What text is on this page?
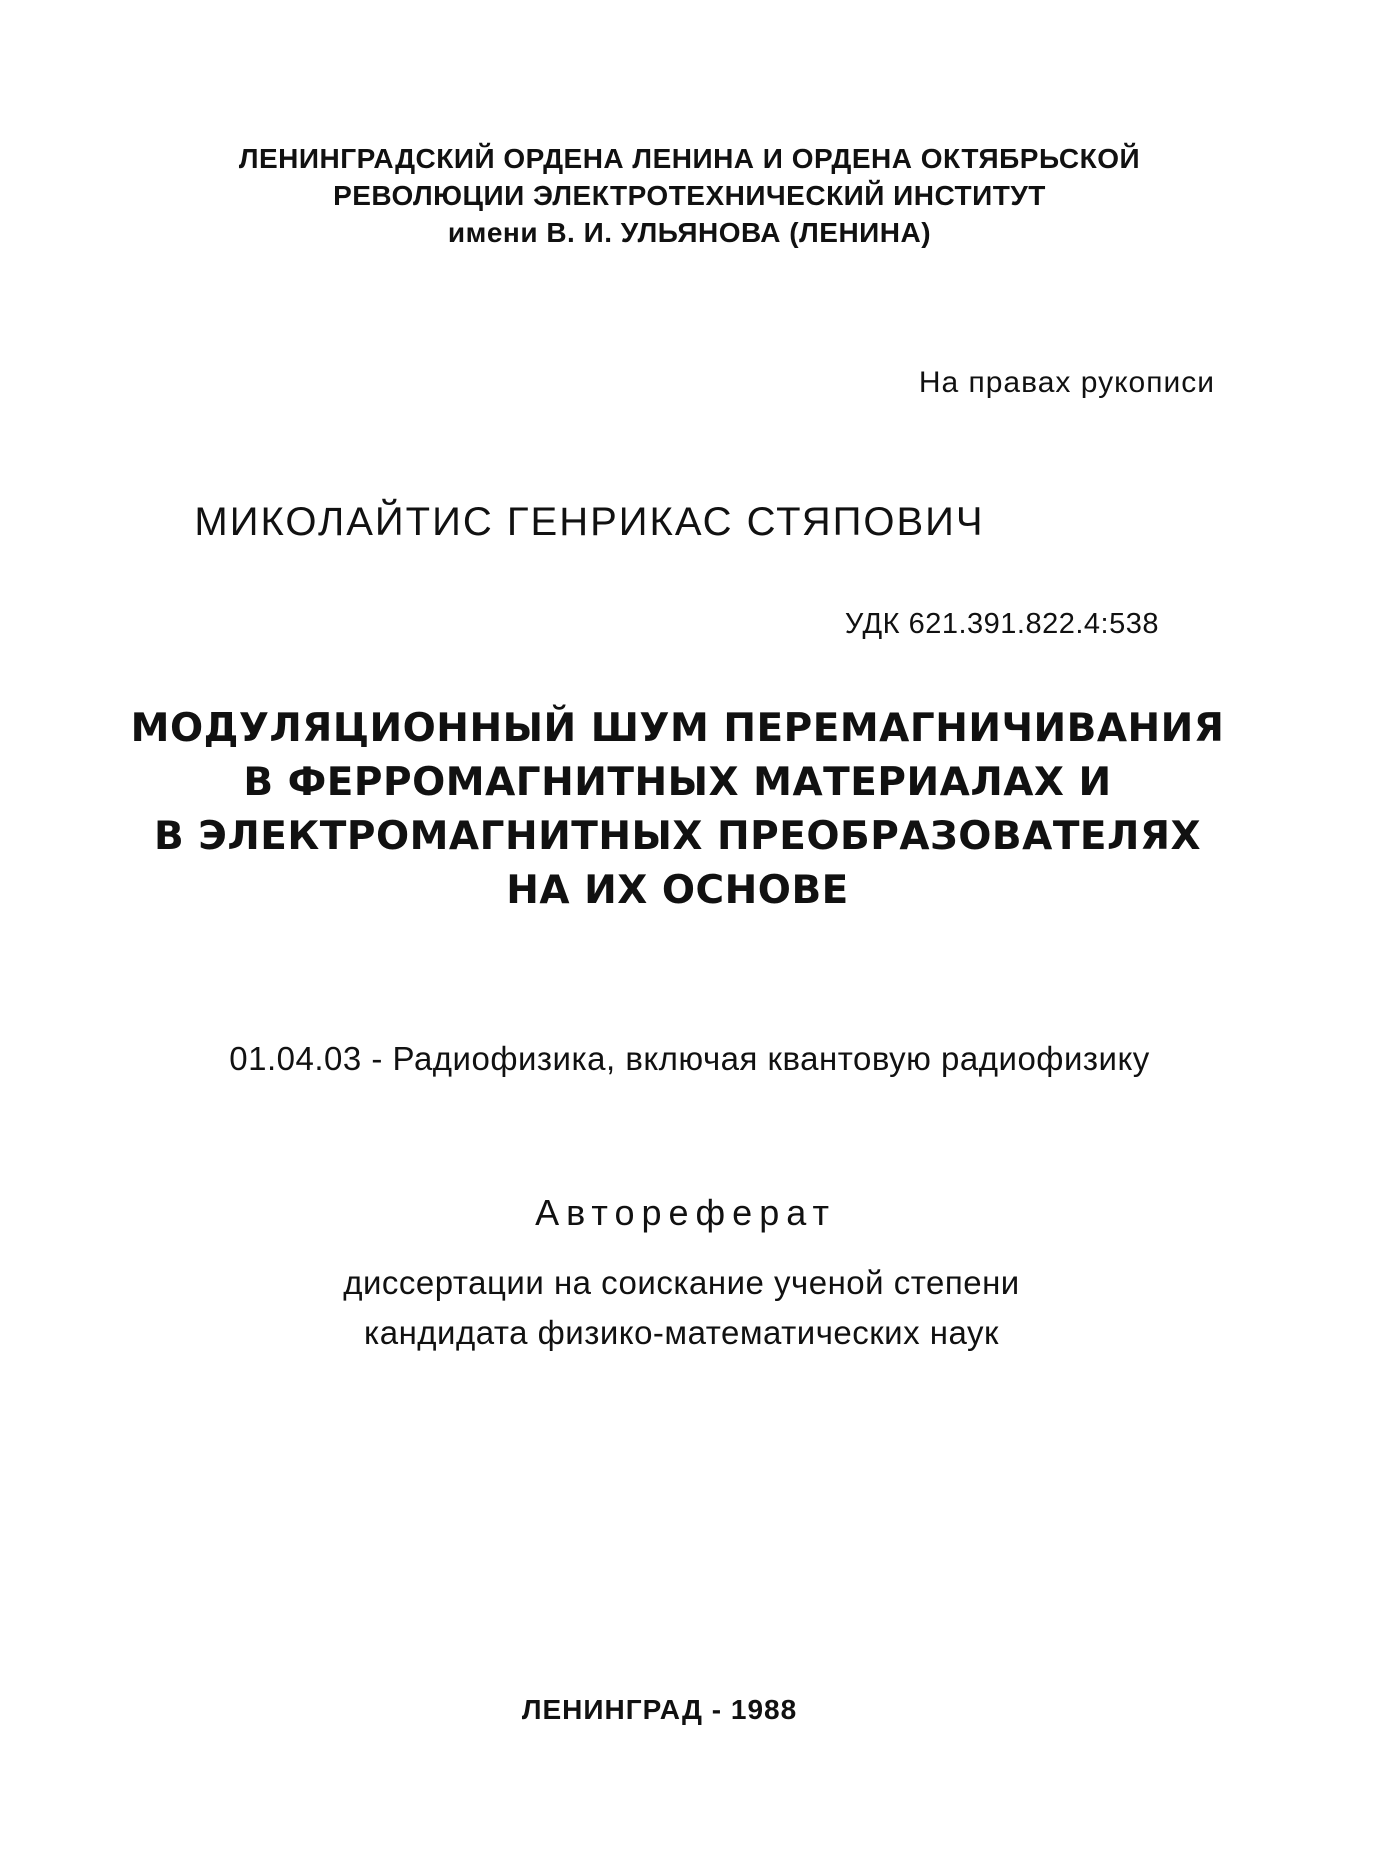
ЛЕНИНГРАДСКИЙ ОРДЕНА ЛЕНИНА И ОРДЕНА ОКТЯБРЬСКОЙ
РЕВОЛЮЦИИ ЭЛЕКТРОТЕХНИЧЕСКИЙ ИНСТИТУТ
имени В. И. УЛЬЯНОВА (ЛЕНИНА)
На правах рукописи
МИКОЛАЙТИС ГЕНРИКАС СТЯПОВИЧ
УДК 621.391.822.4:538
МОДУЛЯЦИОННЫЙ ШУМ ПЕРЕМАГНИЧИВАНИЯ
В ФЕРРОМАГНИТНЫХ МАТЕРИАЛАХ И
В ЭЛЕКТРОМАГНИТНЫХ ПРЕОБРАЗОВАТЕЛЯХ
НА ИХ ОСНОВЕ
01.04.03 - Радиофизика, включая квантовую радиофизику
Автореферат
диссертации на соискание ученой степени
кандидата физико-математических наук
ЛЕНИНГРАД - 1988
